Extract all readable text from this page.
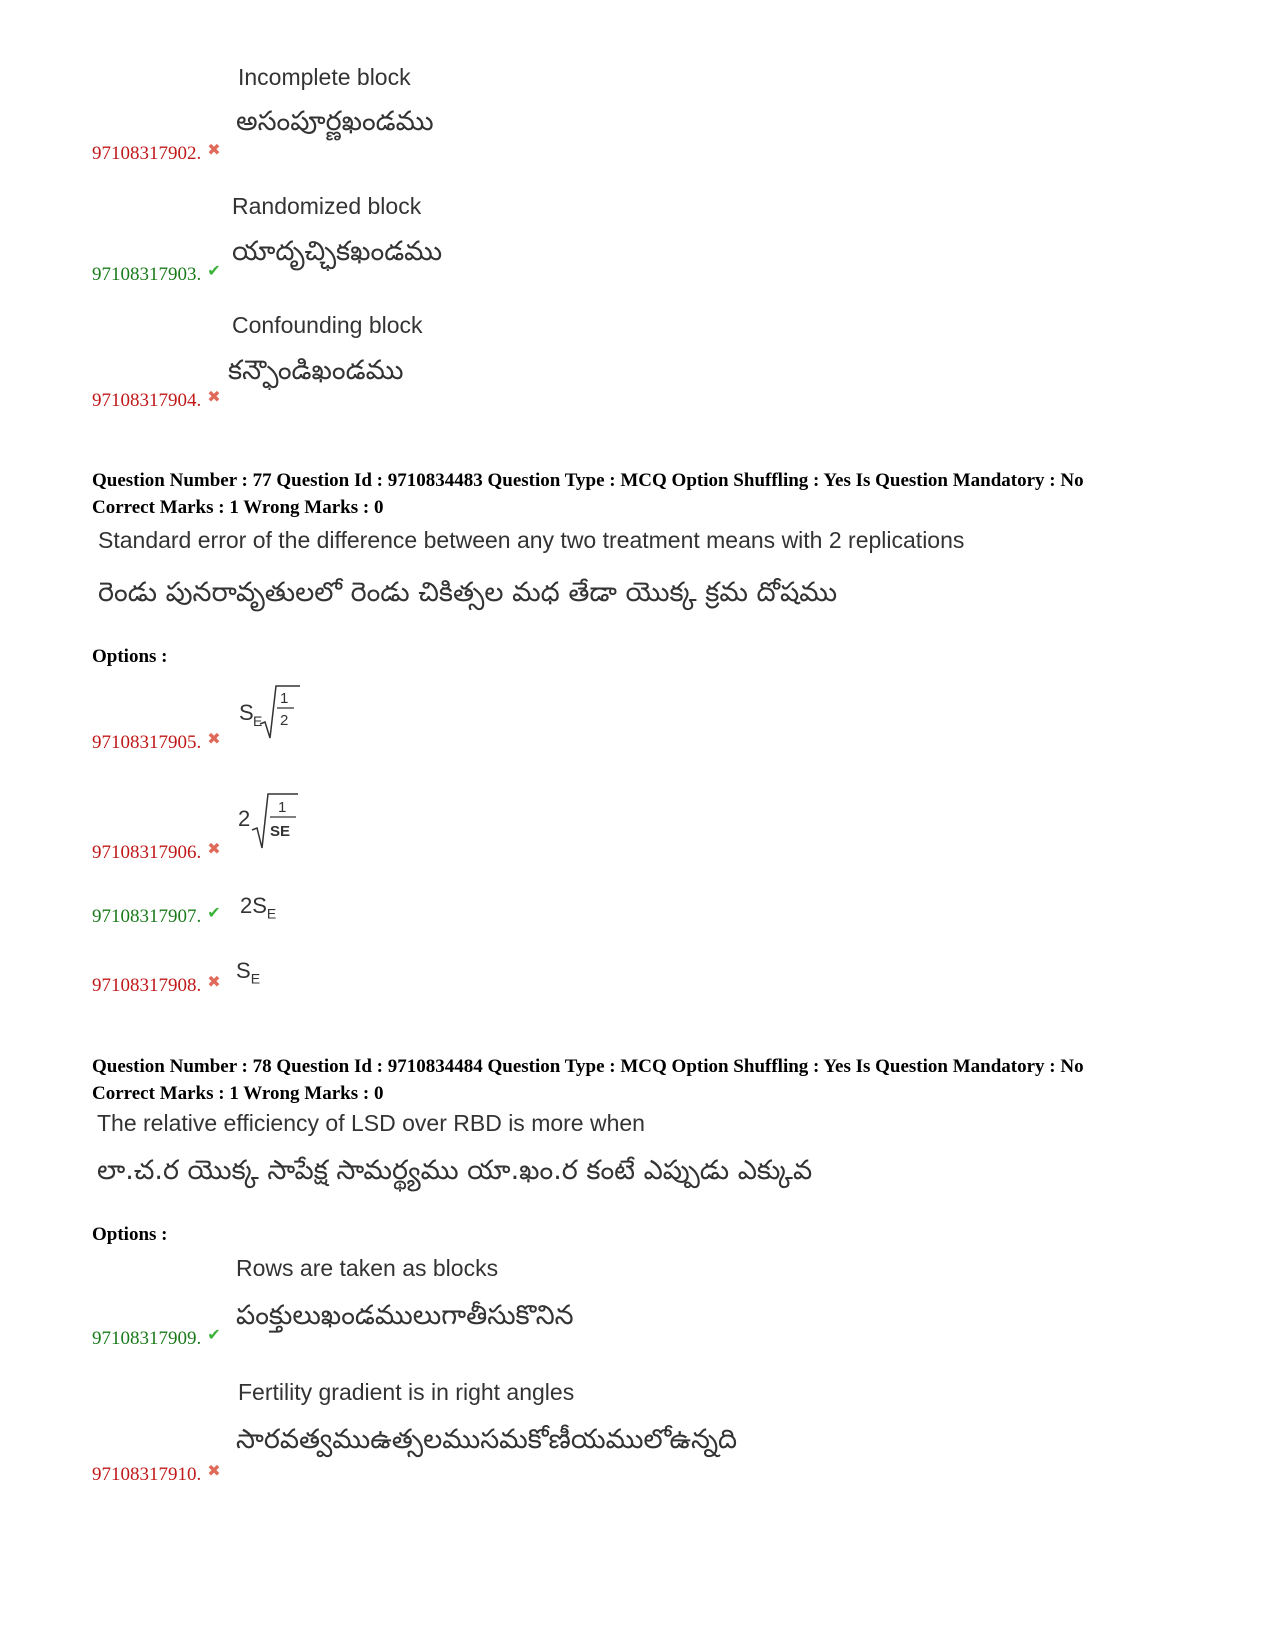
Incomplete block
అసంపూర్ణఖండము
97108317902. ✖
Randomized block
యాదృచ్ఛికఖండము
97108317903. ✔
Confounding block
కన్ఫౌండిఖండము
97108317904. ✖
Question Number : 77 Question Id : 9710834483 Question Type : MCQ Option Shuffling : Yes Is Question Mandatory : No
Correct Marks : 1 Wrong Marks : 0
Standard error of the difference between any two treatment means with 2 replications
రెండు పునరావృతులలో రెండు చికిత్సల మధ తేడా యొక్క క్రమ దోషము
Options :
S E
1
2
97108317905. ✖
2 1
SE
97108317906. ✖
97108317907. ✔ $2S_E$
$S_E$
97108317908. ✖
Question Number : 78 Question Id : 9710834484 Question Type : MCQ Option Shuffling : Yes Is Question Mandatory : No
Correct Marks : 1 Wrong Marks : 0
The relative efficiency of LSD over RBD is more when
లా.చ.ర యొక్క సాపేక్ష సామర్థ్యము యా.ఖం.ర కంటే ఎప్పుడు ఎక్కువ
Options :
Rows are taken as blocks
పంక్తులుఖండములుగాతీసుకొనిన
97108317909. ✔
Fertility gradient is in right angles
సారవత్వముఉత్సలముసమకోణీయములోఉన్నది
97108317910. ✖
